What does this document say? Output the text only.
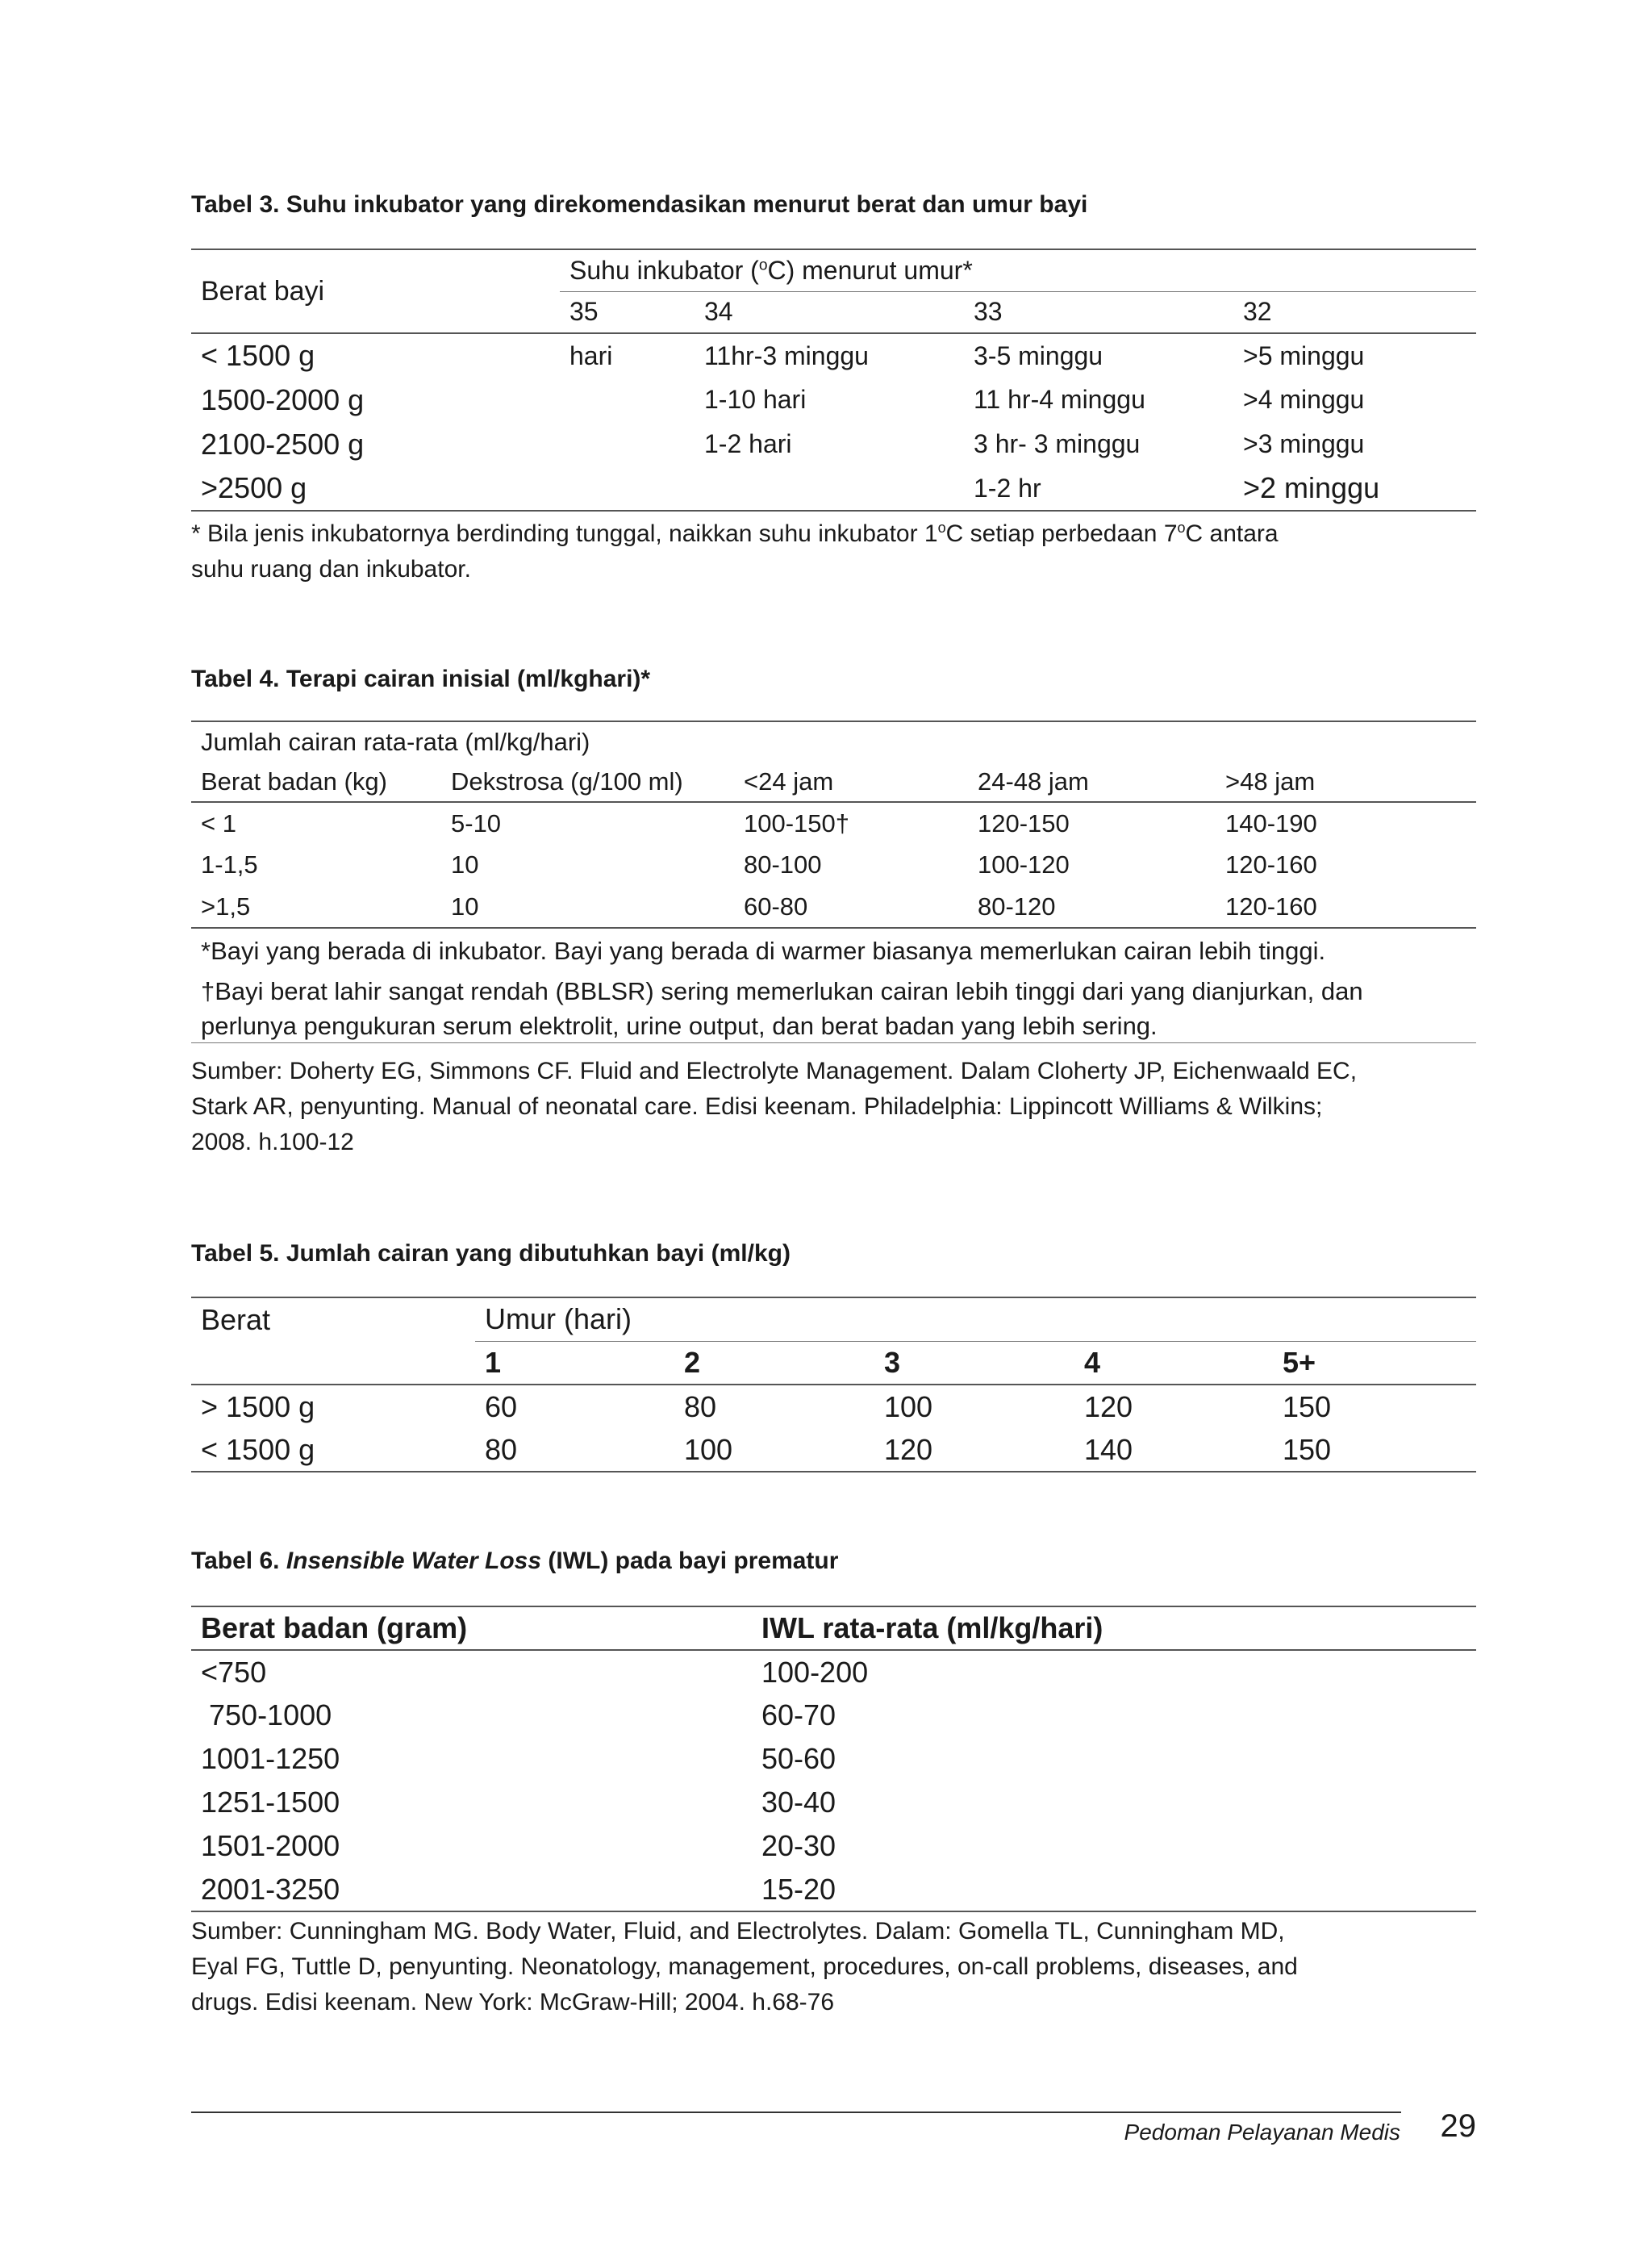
Tabel 3. Suhu inkubator yang direkomendasikan menurut berat dan umur bayi
Berat bayi	Suhu inkubator ($^o$C) menurut umur*			
	35	34	33	32
< 1500 g	hari	11hr-3 minggu	3-5 minggu	>5 minggu
1500-2000 g		1-10 hari	11 hr-4 minggu	>4 minggu
2100-2500 g		1-2 hari	3 hr- 3 minggu	>3 minggu
>2500 g			1-2 hr	>2 minggu

* Bila jenis inkubatornya berdinding tunggal, naikkan suhu inkubator 1$^o$C setiap perbedaan 7$^o$C antara

suhu ruang dan inkubator.

Tabel 4. Terapi cairan inisial (ml/kghari)*
Jumlah cairan rata-rata (ml/kg/hari)				
Berat badan (kg)	Dekstrosa (g/100 ml)	<24 jam	24-48 jam	>48 jam
< 1	5-10	100-150†	120-150	140-190
1-1,5	10	80-100	100-120	120-160
>1,5	10	60-80	80-120	120-160

*Bayi yang berada di inkubator. Bayi yang berada di warmer biasanya memerlukan cairan lebih tinggi.

†Bayi berat lahir sangat rendah (BBLSR) sering memerlukan cairan lebih tinggi dari yang dianjurkan, dan

perlunya pengukuran serum elektrolit, urine output, dan berat badan yang lebih sering.

Sumber: Doherty EG, Simmons CF. Fluid and Electrolyte Management. Dalam Cloherty JP, Eichenwaald EC,

Stark AR, penyunting. Manual of neonatal care. Edisi keenam. Philadelphia: Lippincott Williams & Wilkins;

2008. h.100-12

Tabel 5. Jumlah cairan yang dibutuhkan bayi (ml/kg)
Berat	Umur (hari)				
	1	2	3	4	5+
> 1500 g	60	80	100	120	150
< 1500 g	80	100	120	140	150
Tabel 6. Insensible Water Loss (IWL) pada bayi prematur
Berat badan (gram)	IWL rata-rata (ml/kg/hari)
<750	100-200
750-1000	60-70
1001-1250	50-60
1251-1500	30-40
1501-2000	20-30
2001-3250	15-20

Sumber: Cunningham MG. Body Water, Fluid, and Electrolytes. Dalam: Gomella TL, Cunningham MD,

Eyal FG, Tuttle D, penyunting. Neonatology, management, procedures, on-call problems, diseases, and

drugs. Edisi keenam. New York: McGraw-Hill; 2004. h.68-76

Pedoman Pelayanan Medis 29
